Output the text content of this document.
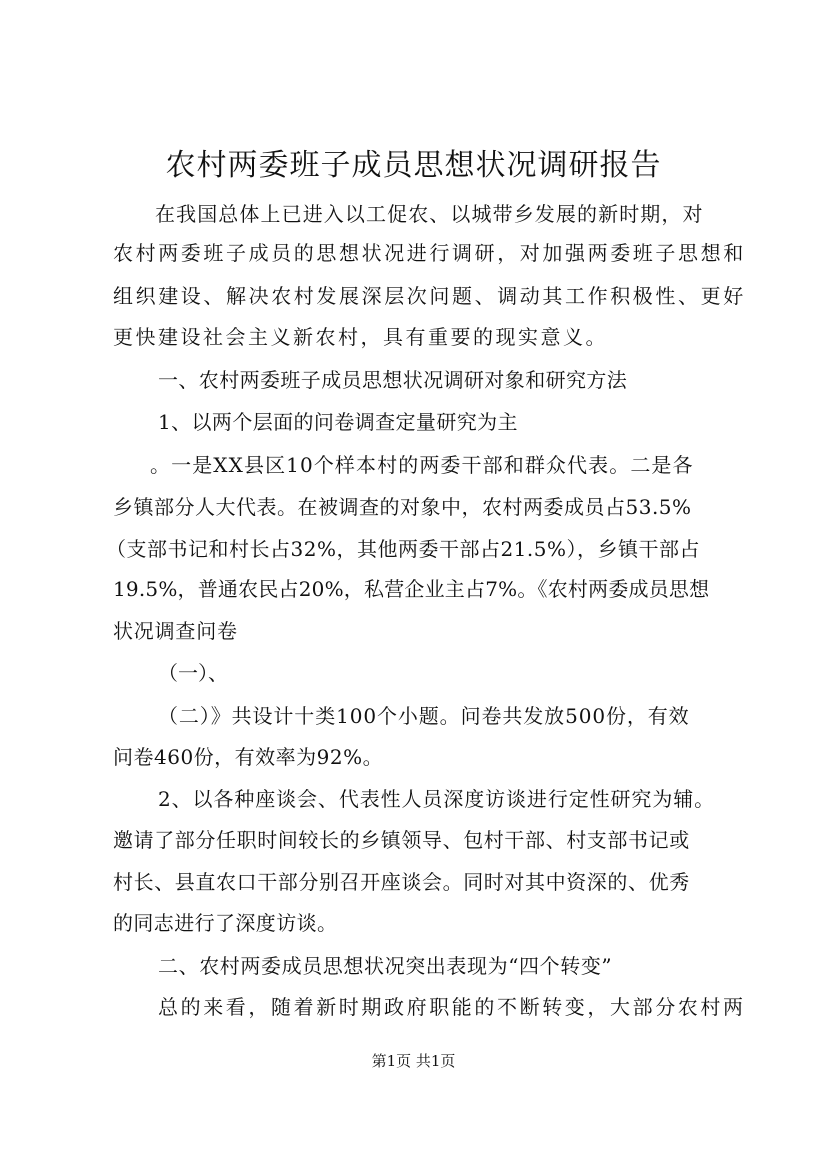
农村两委班子成员思想状况调研报告
在我国总体上已进入以工促农、以城带乡发展的新时期，对
农村两委班子成员的思想状况进行调研，对加强两委班子思想和
组织建设、解决农村发展深层次问题、调动其工作积极性、更好
更快建设社会主义新农村，具有重要的现实意义。
一、农村两委班子成员思想状况调研对象和研究方法
1、以两个层面的问卷调查定量研究为主
。一是XX县区10个样本村的两委干部和群众代表。二是各
乡镇部分人大代表。在被调查的对象中，农村两委成员占53.5%
（支部书记和村长占32%，其他两委干部占21.5%），乡镇干部占
19.5%，普通农民占20%，私营企业主占7%。《农村两委成员思想
状况调查问卷
（一）、
（二）》共设计十类100个小题。问卷共发放500份，有效
问卷460份，有效率为92%。
2、以各种座谈会、代表性人员深度访谈进行定性研究为辅。
邀请了部分任职时间较长的乡镇领导、包村干部、村支部书记或
村长、县直农口干部分别召开座谈会。同时对其中资深的、优秀
的同志进行了深度访谈。
二、农村两委成员思想状况突出表现为“四个转变”
总的来看，随着新时期政府职能的不断转变，大部分农村两
第1页 共1页
